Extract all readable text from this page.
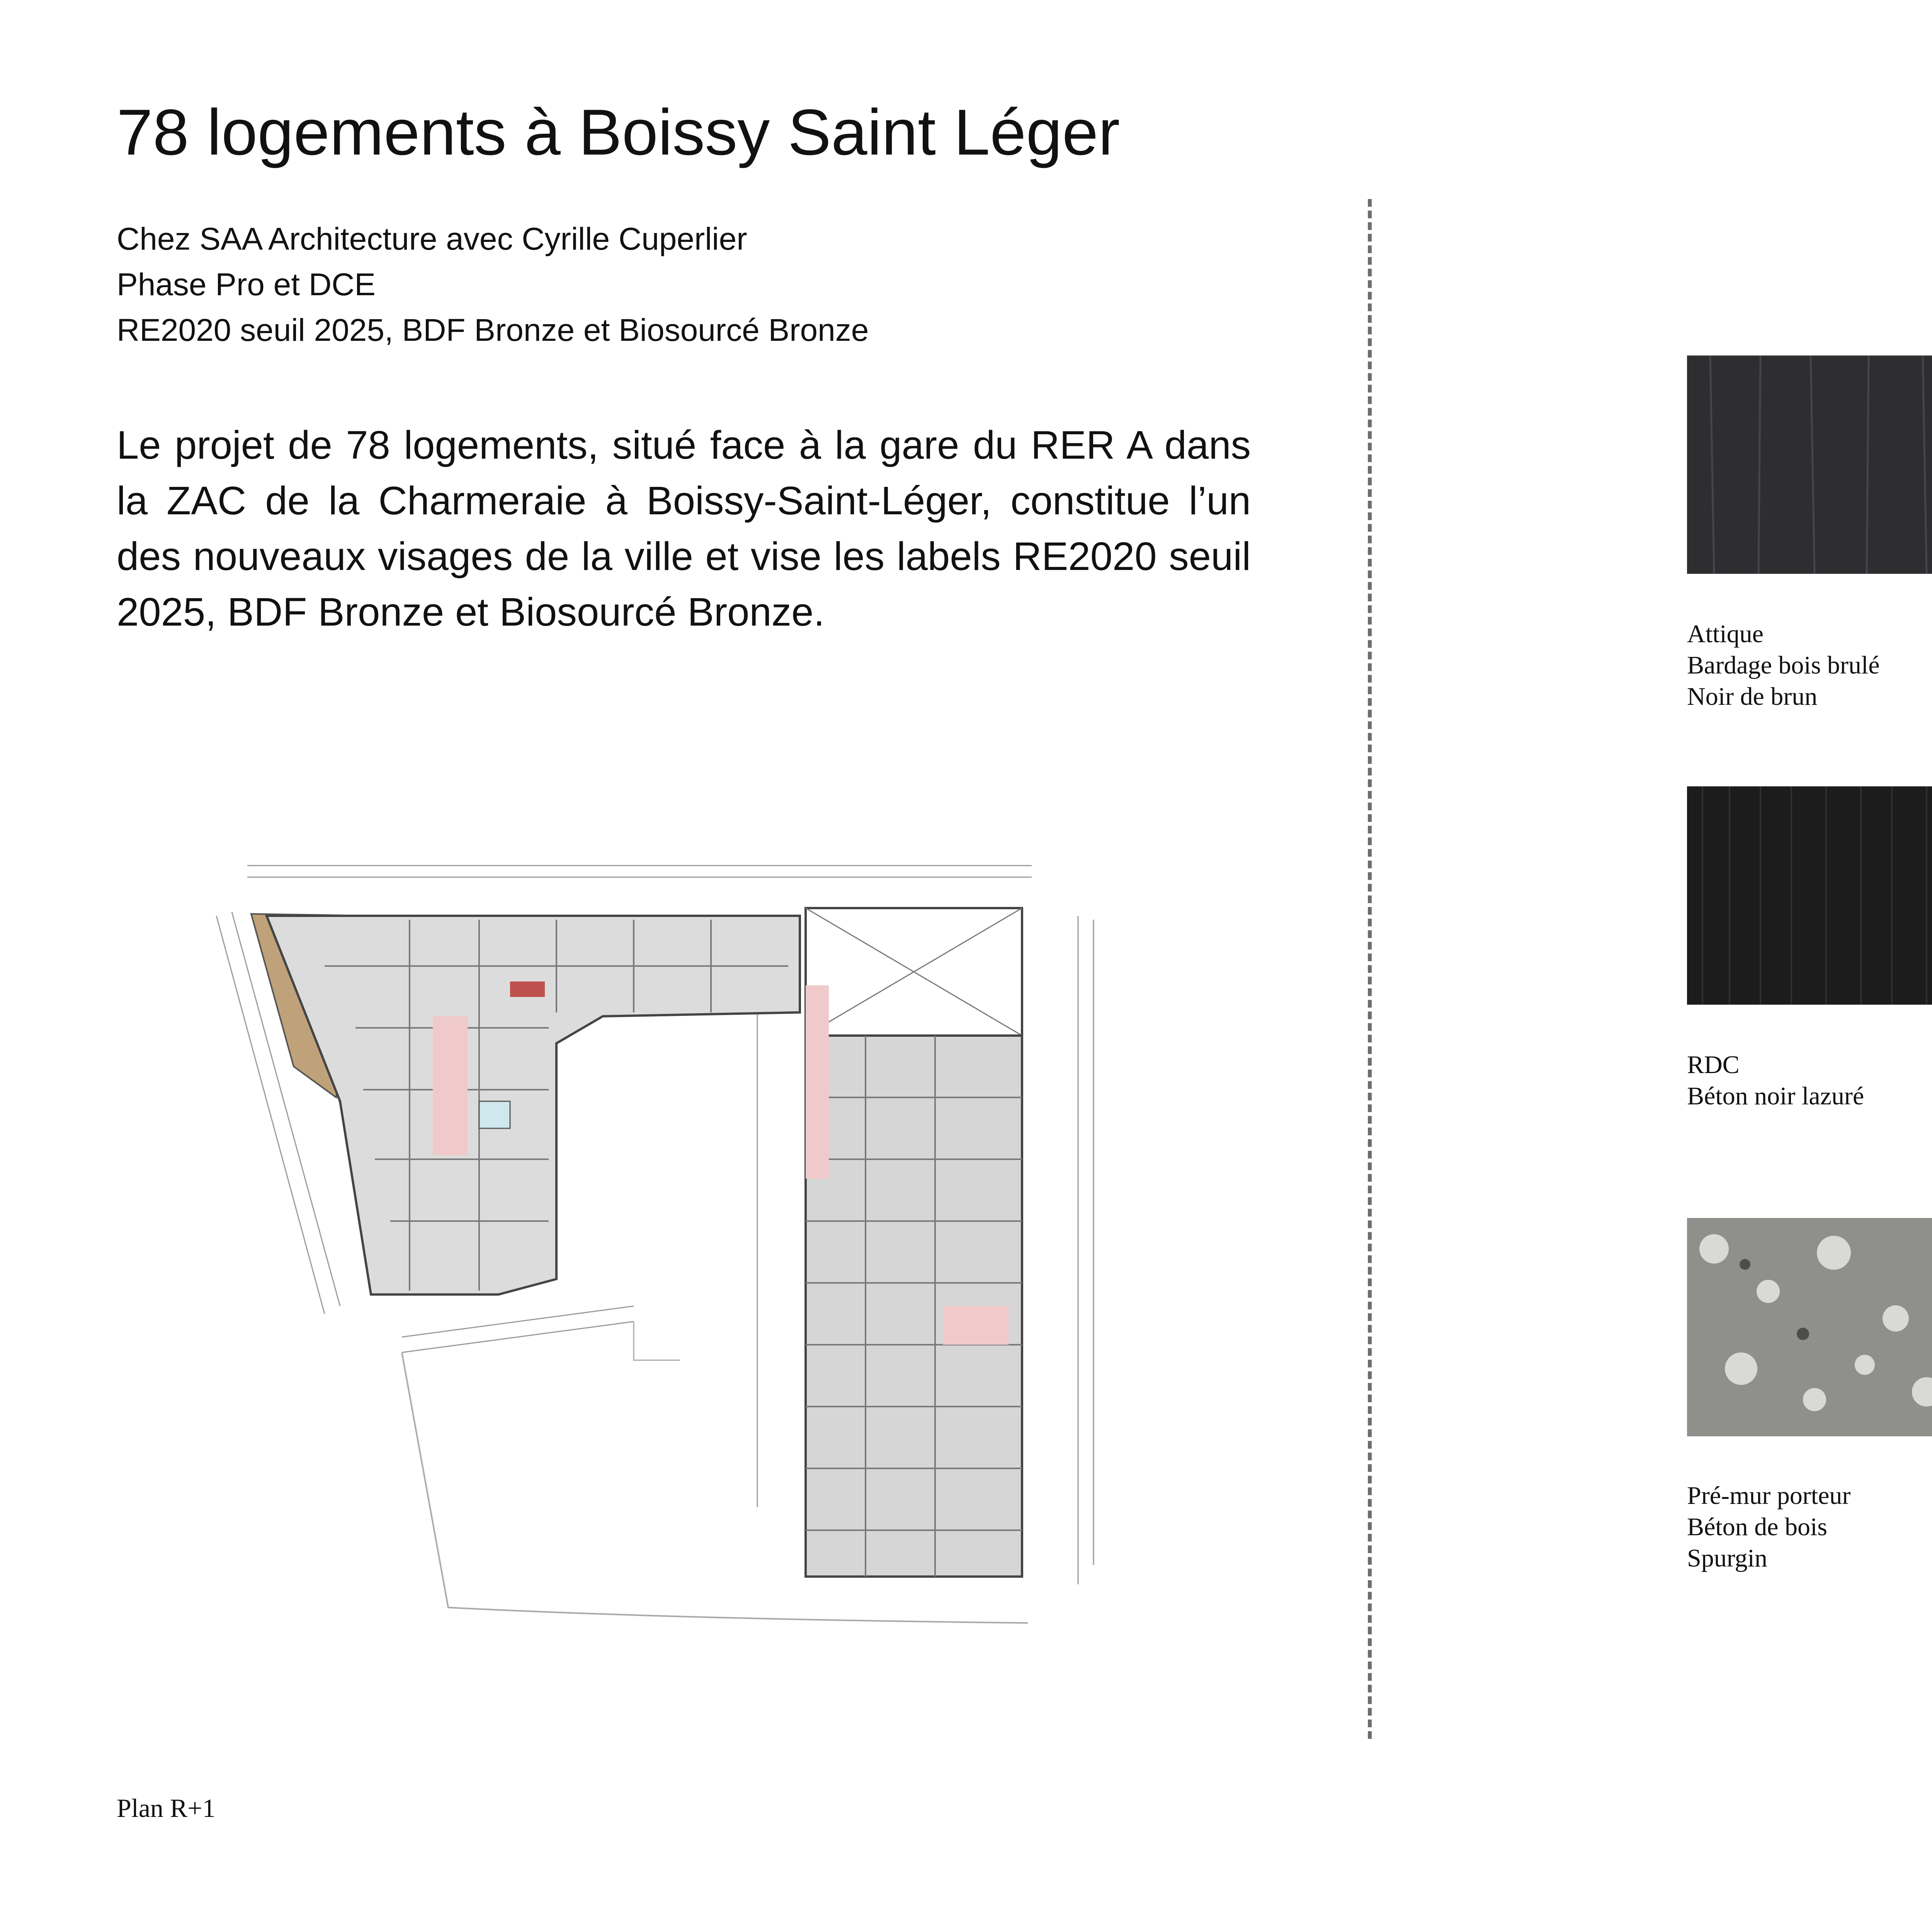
78 logements à Boissy Saint Léger
Chez SAA Architecture avec Cyrille Cuperlier
Phase Pro et DCE
RE2020 seuil 2025, BDF Bronze et Biosourcé Bronze

Le projet de 78 logements, situé face à la gare du RER A dans la ZAC de la Charmeraie à Boissy-Saint-Léger, constitue l’un des nouveaux visages de la ville et vise les labels RE2020 seuil 2025, BDF Bronze et Biosourcé Bronze.

Plan R+1
Attique
Bardage bois brulé
Noir de brun
RDC
Béton noir lazuré
Pré-mur porteur
Béton de bois
Spurgin
